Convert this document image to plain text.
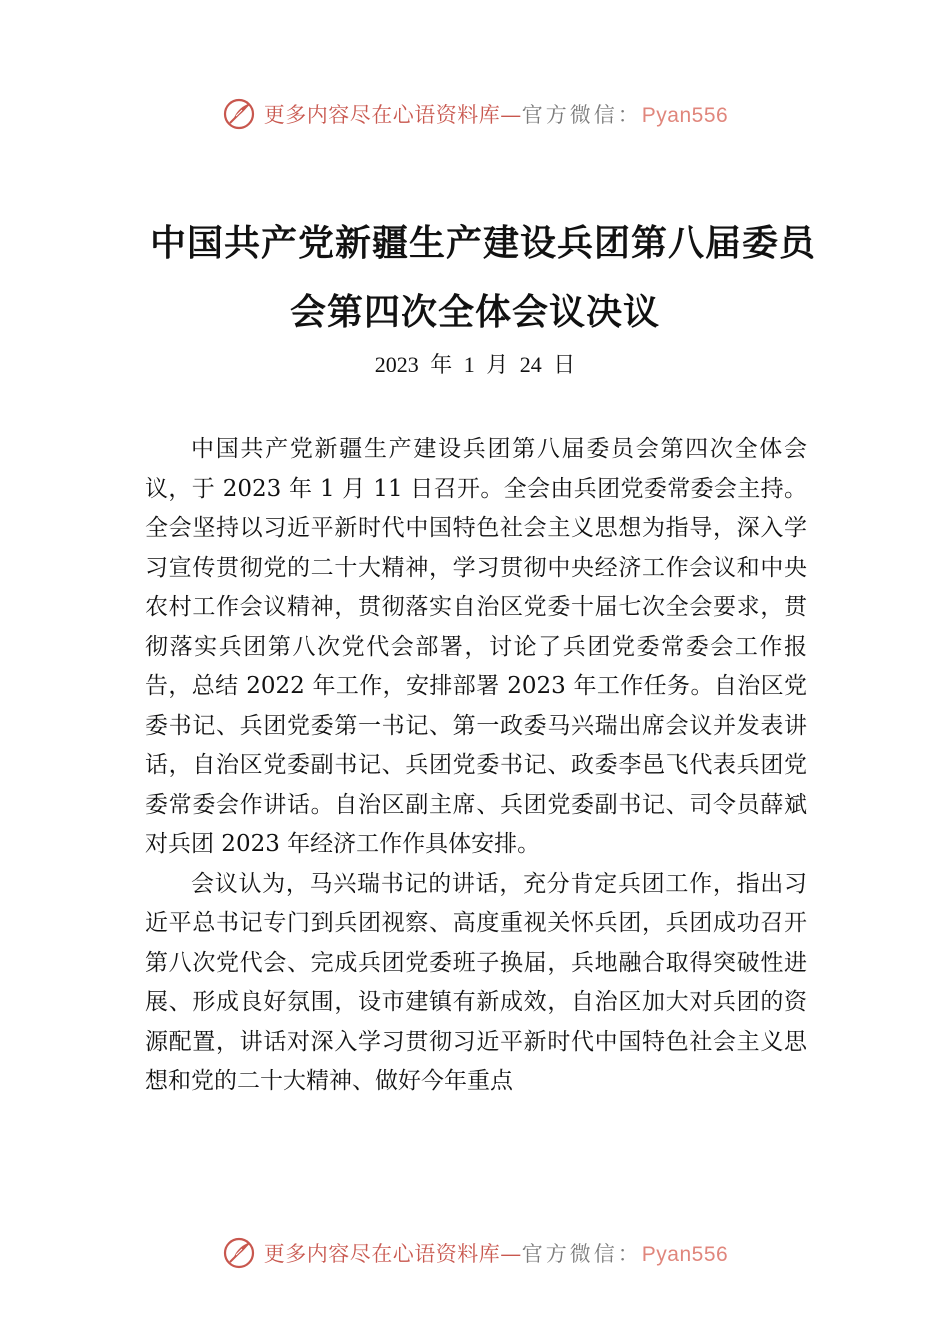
更多内容尽在心语资料库—官方微信：Pyan556
中国共产党新疆生产建设兵团第八届委员
会第四次全体会议决议
2023 年 1 月 24 日

中国共产党新疆生产建设兵团第八届委员会第四次全体会议，于 2023 年 1 月 11 日召开。全会由兵团党委常委会主持。全会坚持以习近平新时代中国特色社会主义思想为指导，深入学习宣传贯彻党的二十大精神，学习贯彻中央经济工作会议和中央农村工作会议精神，贯彻落实自治区党委十届七次全会要求，贯彻落实兵团第八次党代会部署，讨论了兵团党委常委会工作报告，总结 2022 年工作，安排部署 2023 年工作任务。自治区党委书记、兵团党委第一书记、第一政委马兴瑞出席会议并发表讲话，自治区党委副书记、兵团党委书记、政委李邑飞代表兵团党委常委会作讲话。自治区副主席、兵团党委副书记、司令员薛斌对兵团 2023 年经济工作作具体安排。

会议认为，马兴瑞书记的讲话，充分肯定兵团工作，指出习近平总书记专门到兵团视察、高度重视关怀兵团，兵团成功召开第八次党代会、完成兵团党委班子换届，兵地融合取得突破性进展、形成良好氛围，设市建镇有新成效，自治区加大对兵团的资源配置，讲话对深入学习贯彻习近平新时代中国特色社会主义思想和党的二十大精神、做好今年重点

更多内容尽在心语资料库—官方微信：Pyan556
